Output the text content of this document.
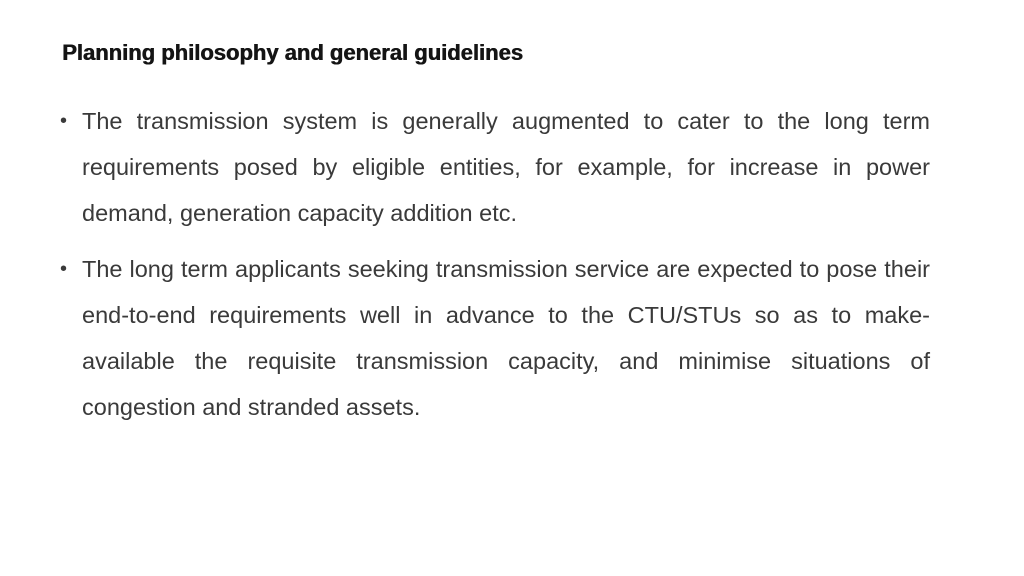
Planning philosophy and general guidelines
• The transmission system is generally augmented to cater to the long term requirements posed by eligible entities, for example, for increase in power demand, generation capacity addition etc.
• The long term applicants seeking transmission service are expected to pose their end-to-end requirements well in advance to the CTU/STUs so as to make-available the requisite transmission capacity, and minimise situations of congestion and stranded assets.
